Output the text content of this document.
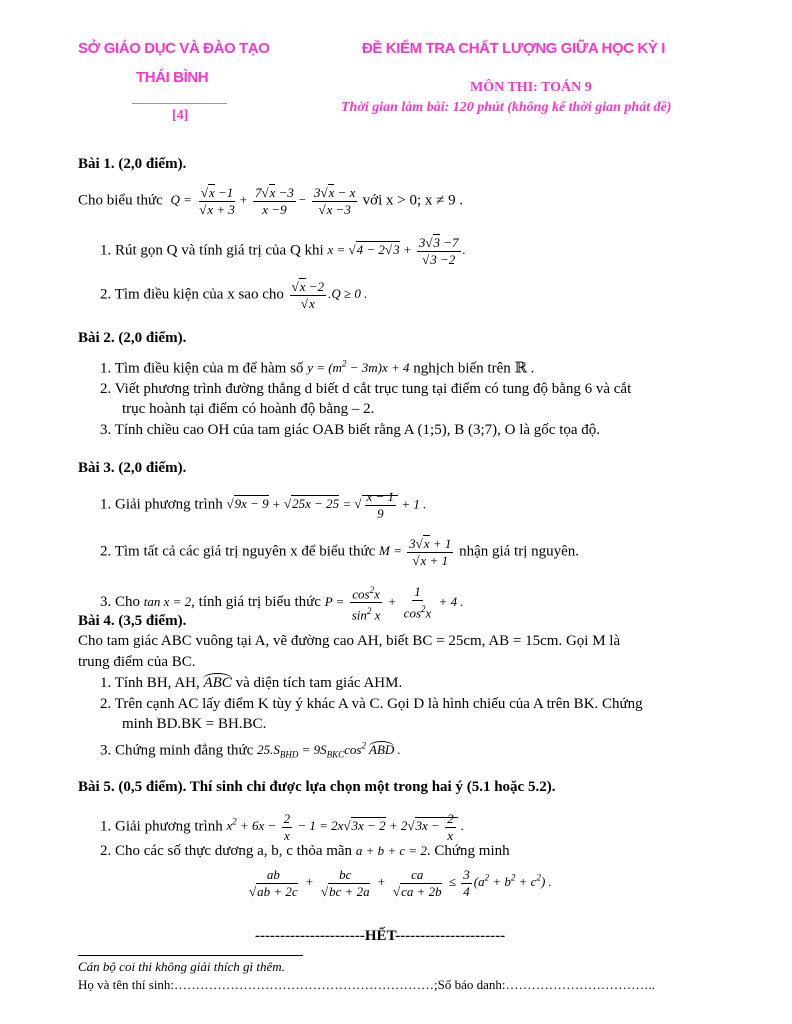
SỞ GIÁO DỤC VÀ ĐÀO TẠO
THÁI BÌNH
[4]
ĐỀ KIỂM TRA CHẤT LƯỢNG GIỮA HỌC KỲ I
MÔN THI: TOÁN 9
Thời gian làm bài: 120 phút (không kể thời gian phát đề)
Bài 1. (2,0 điểm).
Cho biểu thức Q =
√ x −1
√ $x + 3 + \frac{7√ x -3}{x -9} - 3√$ x − x
√ x −3 với x > 0; x ≠ 9 .
1. Rút gọn Q và tính giá trị của Q khi x = √ 4 − 2√ 3 + 3√ 3 −7
√ 3 −2 .
2. Tìm điều kiện của x sao cho
√ x −2
√ x .Q ≥ 0 .
Bài 2. (2,0 điểm).
1. Tìm điều kiện của m để hàm số $y = (m^2 - 3m)x + 4$ nghịch biến trên ℝ .
2. Viết phương trình đường thẳng d biết d cắt trục tung tại điểm có tung độ bằng 6 và cắt
trục hoành tại điểm có hoành độ bằng – 2.
3. Tính chiều cao OH của tam giác OAB biết rằng A (1;5), B (3;7), O là gốc tọa độ.
Bài 3. (2,0 điểm).
1. Giải phương trình √ 9x − 9 + √ 25x − 25 = √ $\frac{x - 1}{9} + 1$ .
2. Tìm tất cả các giá trị nguyên x để biểu thức M = 3√ x + 1
√ x + 1 nhận giá trị nguyên.
3. Cho tan x = 2, tính giá trị biểu thức $P = \frac{\cos^2x}{\sin^2 x} + \frac{1}{\cos^2x} + 4$ .
Bài 4. (3,5 điểm).
Cho tam giác ABC vuông tại A, vẽ đường cao AH, biết BC = 25cm, AB = 15cm. Gọi M là
trung điểm của BC.
1. Tính BH, AH, ABC và diện tích tam giác AHM.
2. Trên cạnh AC lấy điểm K tùy ý khác A và C. Gọi D là hình chiếu của A trên BK. Chứng
minh BD.BK = BH.BC.
3. Chứng minh đẳng thức $25.S_{BHD} = 9S_{BKC}\cos^2$ ABD .
Bài 5. (0,5 điểm). Thí sinh chỉ được lựa chọn một trong hai ý (5.1 hoặc 5.2).
1. Giải phương trình $x^2 + 6x - \frac{2}{x} - 1 = 2x√$ 3x − 2 + 2√ $3x - \frac{2}{x}$ .
2. Cho các số thực dương a, b, c thỏa mãn a + b + c = 2. Chứng minh
ab
√ ab + 2c + bc
√ bc + 2a + ca
√ ca + $2b \le \frac{3}{4} (a^2 + b^2 + c^2)$ .
----------------------HẾT----------------------
Cán bộ coi thi không giải thích gì thêm.
Họ và tên thí sinh:……………………………………………………;Số báo danh:……………………………..
